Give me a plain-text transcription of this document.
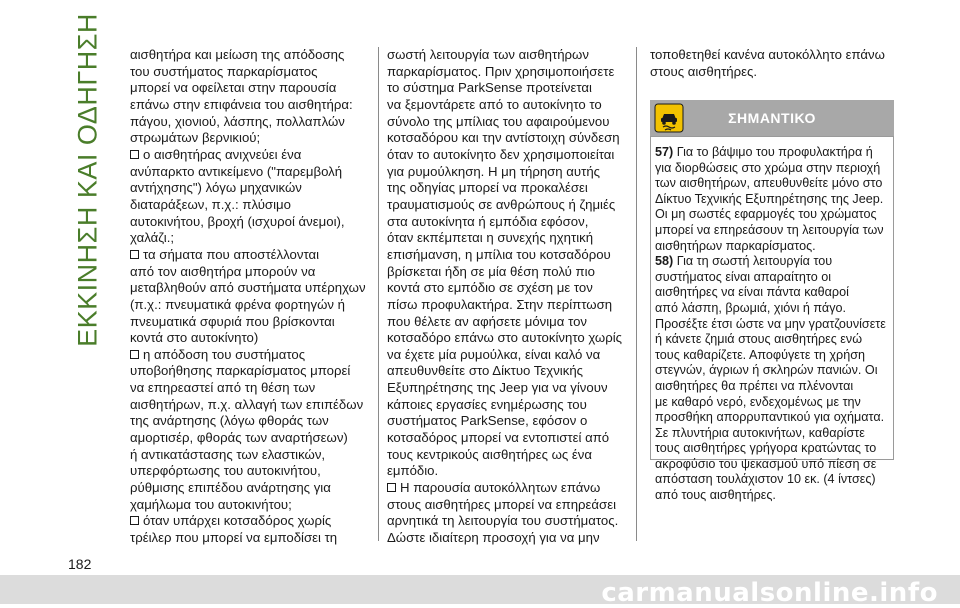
ΕΚΚΙΝΗΣΗ ΚΑΙ ΟΔΗΓΗΣΗ αισθητήρα και μείωση της απόδοσης

του συστήματος παρκαρίσματος

μπορεί να οφείλεται στην παρουσία

επάνω στην επιφάνεια του αισθητήρα:

πάγου, χιονιού, λάσπης, πολλαπλών

στρωμάτων βερνικιού;

ο αισθητήρας ανιχνεύει ένα

ανύπαρκτο αντικείμενο ("παρεμβολή

αντήχησης") λόγω μηχανικών

διαταράξεων, π.χ.: πλύσιμο

αυτοκινήτου, βροχή (ισχυροί άνεμοι),

χαλάζι.;

τα σήματα που αποστέλλονται

από τον αισθητήρα μπορούν να

μεταβληθούν από συστήματα υπέρηχων

(π.χ.: πνευματικά φρένα φορτηγών ή

πνευματικά σφυριά που βρίσκονται

κοντά στο αυτοκίνητο)

η απόδοση του συστήματος

υποβοήθησης παρκαρίσματος μπορεί

να επηρεαστεί από τη θέση των

αισθητήρων, π.χ. αλλαγή των επιπέδων

της ανάρτησης (λόγω φθοράς των

αμορτισέρ, φθοράς των αναρτήσεων)

ή αντικατάστασης των ελαστικών,

υπερφόρτωσης του αυτοκινήτου,

ρύθμισης επιπέδου ανάρτησης για

χαμήλωμα του αυτοκινήτου;

όταν υπάρχει κοτσαδόρος χωρίς

τρέιλερ που μπορεί να εμποδίσει τη

σωστή λειτουργία των αισθητήρων

παρκαρίσματος. Πριν χρησιμοποιήσετε

το σύστημα ParkSense προτείνεται

να ξεμοντάρετε από το αυτοκίνητο το

σύνολο της μπίλιας του αφαιρούμενου

κοτσαδόρου και την αντίστοιχη σύνδεση

όταν το αυτοκίνητο δεν χρησιμοποιείται

για ρυμούλκηση. Η μη τήρηση αυτής

της οδηγίας μπορεί να προκαλέσει

τραυματισμούς σε ανθρώπους ή ζημιές

στα αυτοκίνητα ή εμπόδια εφόσον,

όταν εκπέμπεται η συνεχής ηχητική

επισήμανση, η μπίλια του κοτσαδόρου

βρίσκεται ήδη σε μία θέση πολύ πιο

κοντά στο εμπόδιο σε σχέση με τον

πίσω προφυλακτήρα. Στην περίπτωση

που θέλετε αν αφήσετε μόνιμα τον

κοτσαδόρο επάνω στο αυτοκίνητο χωρίς

να έχετε μία ρυμούλκα, είναι καλό να

απευθυνθείτε στο Δίκτυο Τεχνικής

Εξυπηρέτησης της Jeep για να γίνουν

κάποιες εργασίες ενημέρωσης του

συστήματος ParkSense, εφόσον ο

κοτσαδόρος μπορεί να εντοπιστεί από

τους κεντρικούς αισθητήρες ως ένα

εμπόδιο.

Η παρουσία αυτοκόλλητων επάνω

στους αισθητήρες μπορεί να επηρεάσει

αρνητικά τη λειτουργία του συστήματος.

Δώστε ιδιαίτερη προσοχή για να μην

τοποθετηθεί κανένα αυτοκόλλητο επάνω

στους αισθητήρες.

ΣΗΜΑΝΤΙΚΟ

57) Για το βάψιμο του προφυλακτήρα ή

για διορθώσεις στο χρώμα στην περιοχή

των αισθητήρων, απευθυνθείτε μόνο στο

Δίκτυο Τεχνικής Εξυπηρέτησης της Jeep.

Οι μη σωστές εφαρμογές του χρώματος

μπορεί να επηρεάσουν τη λειτουργία των

αισθητήρων παρκαρίσματος.

58) Για τη σωστή λειτουργία του

συστήματος είναι απαραίτητο οι

αισθητήρες να είναι πάντα καθαροί

από λάσπη, βρωμιά, χιόνι ή πάγο.

Προσέξτε έτσι ώστε να μην γρατζουνίσετε

ή κάνετε ζημιά στους αισθητήρες ενώ

τους καθαρίζετε. Αποφύγετε τη χρήση

στεγνών, άγριων ή σκληρών πανιών. Οι

αισθητήρες θα πρέπει να πλένονται

με καθαρό νερό, ενδεχομένως με την

προσθήκη απορρυπαντικού για οχήματα.

Σε πλυντήρια αυτοκινήτων, καθαρίστε

τους αισθητήρες γρήγορα κρατώντας το

ακροφύσιο του ψεκασμού υπό πίεση σε

απόσταση τουλάχιστον 10 εκ. (4 ίντσες)

από τους αισθητήρες.

182
carmanualsonline.info
